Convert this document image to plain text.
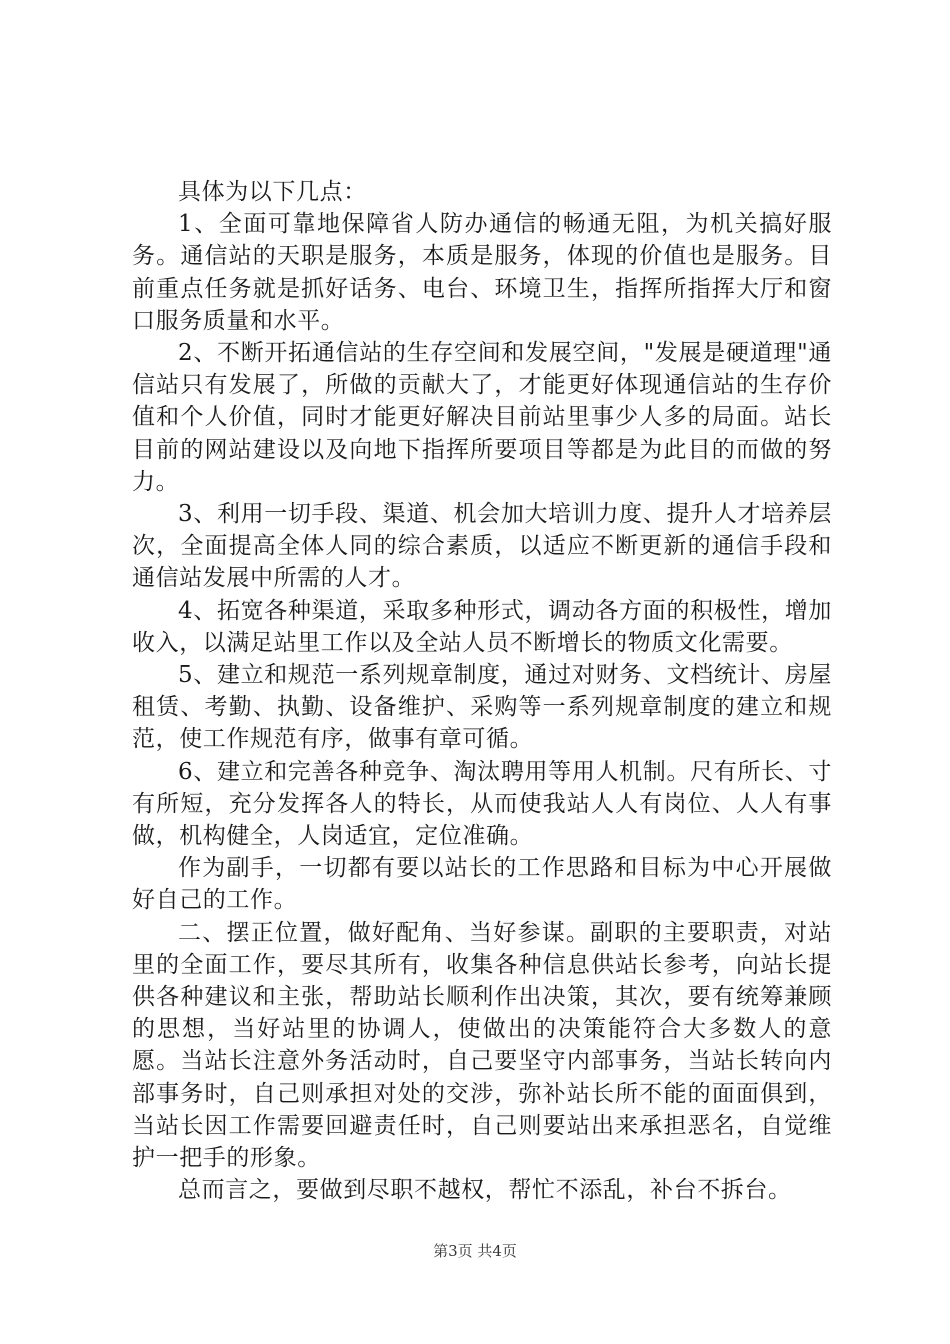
具体为以下几点：

1、全面可靠地保障省人防办通信的畅通无阻，为机关搞好服务。通信站的天职是服务，本质是服务，体现的价值也是服务。目前重点任务就是抓好话务、电台、环境卫生，指挥所指挥大厅和窗口服务质量和水平。

2、不断开拓通信站的生存空间和发展空间，"发展是硬道理"通信站只有发展了，所做的贡献大了，才能更好体现通信站的生存价值和个人价值，同时才能更好解决目前站里事少人多的局面。站长目前的网站建设以及向地下指挥所要项目等都是为此目的而做的努力。

3、利用一切手段、渠道、机会加大培训力度、提升人才培养层次，全面提高全体人同的综合素质，以适应不断更新的通信手段和通信站发展中所需的人才。

4、拓宽各种渠道，采取多种形式，调动各方面的积极性，增加收入，以满足站里工作以及全站人员不断增长的物质文化需要。

5、建立和规范一系列规章制度，通过对财务、文档统计、房屋租赁、考勤、执勤、设备维护、采购等一系列规章制度的建立和规范，使工作规范有序，做事有章可循。

6、建立和完善各种竞争、淘汰聘用等用人机制。尺有所长、寸有所短，充分发挥各人的特长，从而使我站人人有岗位、人人有事做，机构健全，人岗适宜，定位准确。

作为副手，一切都有要以站长的工作思路和目标为中心开展做好自己的工作。

二、摆正位置，做好配角、当好参谋。副职的主要职责，对站里的全面工作，要尽其所有，收集各种信息供站长参考，向站长提供各种建议和主张，帮助站长顺利作出决策，其次，要有统筹兼顾的思想，当好站里的协调人，使做出的决策能符合大多数人的意愿。当站长注意外务活动时，自己要坚守内部事务，当站长转向内部事务时，自己则承担对处的交涉，弥补站长所不能的面面俱到，当站长因工作需要回避责任时，自己则要站出来承担恶名，自觉维护一把手的形象。

总而言之，要做到尽职不越权，帮忙不添乱，补台不拆台。

第3页 共4页
